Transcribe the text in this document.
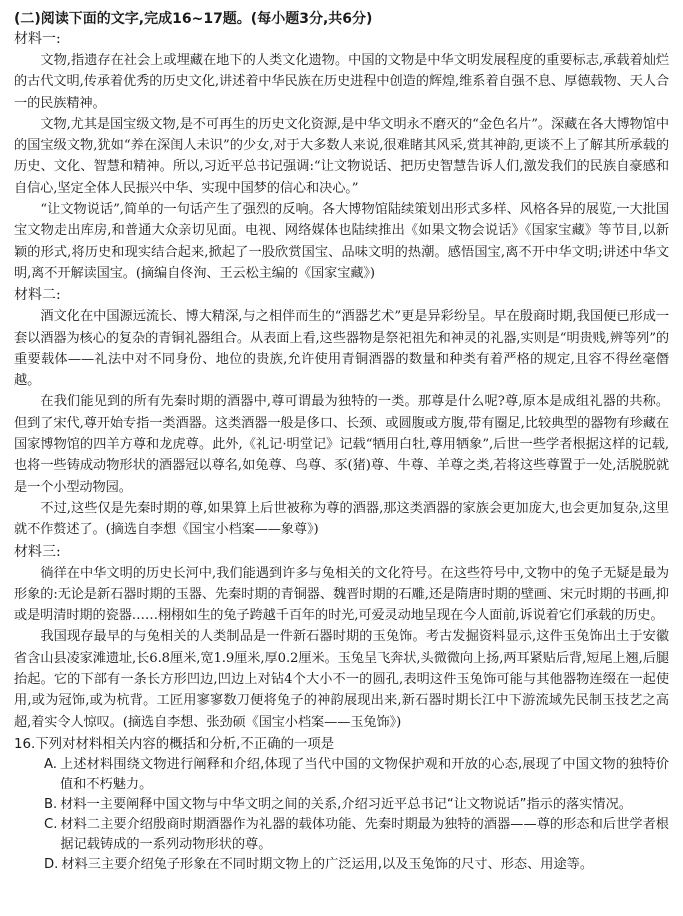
(二)阅读下面的文字,完成16~17题。(每小题3分,共6分)
材料一:

文物,指遗存在社会上或埋藏在地下的人类文化遗物。中国的文物是中华文明发展程度的重要标志,承载着灿烂的古代文明,传承着优秀的历史文化,讲述着中华民族在历史进程中创造的辉煌,维系着自强不息、厚德载物、天人合一的民族精神。

文物,尤其是国宝级文物,是不可再生的历史文化资源,是中华文明永不磨灭的“金色名片”。深藏在各大博物馆中的国宝级文物,犹如“养在深闺人未识”的少女,对于大多数人来说,很难睹其风采,赏其神韵,更谈不上了解其所承载的历史、文化、智慧和精神。所以,习近平总书记强调:“让文物说话、把历史智慧告诉人们,激发我们的民族自豪感和自信心,坚定全体人民振兴中华、实现中国梦的信心和决心。”

“让文物说话”,简单的一句话产生了强烈的反响。各大博物馆陆续策划出形式多样、风格各异的展览,一大批国宝文物走出库房,和普通大众亲切见面。电视、网络媒体也陆续推出《如果文物会说话》《国家宝藏》等节目,以新颖的形式,将历史和现实结合起来,掀起了一股欣赏国宝、品味文明的热潮。感悟国宝,离不开中华文明;讲述中华文明,离不开解读国宝。(摘编自佟洵、王云松主编的《国家宝藏》)

材料二:

酒文化在中国源远流长、博大精深,与之相伴而生的“酒器艺术”更是异彩纷呈。早在殷商时期,我国便已形成一套以酒器为核心的复杂的青铜礼器组合。从表面上看,这些器物是祭祀祖先和神灵的礼器,实则是“明贵贱,辨等列”的重要载体——礼法中对不同身份、地位的贵族,允许使用青铜酒器的数量和种类有着严格的规定,且容不得丝毫僭越。

在我们能见到的所有先秦时期的酒器中,尊可谓最为独特的一类。那尊是什么呢?尊,原本是成组礼器的共称。但到了宋代,尊开始专指一类酒器。这类酒器一般是侈口、长颈、或圆腹或方腹,带有圈足,比较典型的器物有珍藏在国家博物馆的四羊方尊和龙虎尊。此外,《礼记·明堂记》记载“牺用白牡,尊用牺象”,后世一些学者根据这样的记载,也将一些铸成动物形状的酒器冠以尊名,如兔尊、鸟尊、豕(猪)尊、牛尊、羊尊之类,若将这些尊置于一处,活脱脱就是一个小型动物园。

不过,这些仅是先秦时期的尊,如果算上后世被称为尊的酒器,那这类酒器的家族会更加庞大,也会更加复杂,这里就不作赘述了。(摘选自李想《国宝小档案——象尊》)

材料三:

徜徉在中华文明的历史长河中,我们能遇到许多与兔相关的文化符号。在这些符号中,文物中的兔子无疑是最为形象的:无论是新石器时期的玉器、先秦时期的青铜器、魏晋时期的石雕,还是隋唐时期的壁画、宋元时期的书画,抑或是明清时期的瓷器……栩栩如生的兔子跨越千百年的时光,可爱灵动地呈现在今人面前,诉说着它们承载的历史。

我国现存最早的与兔相关的人类制品是一件新石器时期的玉兔饰。考古发掘资料显示,这件玉兔饰出土于安徽省含山县凌家滩遗址,长6.8厘米,宽1.9厘米,厚0.2厘米。玉兔呈飞奔状,头微微向上扬,两耳紧贴后背,短尾上翘,后腿抬起。它的下部有一条长方形凹边,凹边上对钻4个大小不一的圆孔,表明这件玉兔饰可能与其他器物连缀在一起使用,或为冠饰,或为杭背。工匠用寥寥数刀便将兔子的神韵展现出来,新石器时期长江中下游流域先民制玉技艺之高超,着实令人惊叹。(摘选自李想、张劲硕《国宝小档案——玉兔饰》)

16.下列对材料相关内容的概括和分析,不正确的一项是
A. 上述材料围绕文物进行阐释和介绍,体现了当代中国的文物保护观和开放的心态,展现了中国文物的独特价值和不朽魅力。
B. 材料一主要阐释中国文物与中华文明之间的关系,介绍习近平总书记“让文物说话”指示的落实情况。
C. 材料二主要介绍殷商时期酒器作为礼器的载体功能、先秦时期最为独特的酒器——尊的形态和后世学者根据记载铸成的一系列动物形状的尊。
D. 材料三主要介绍兔子形象在不同时期文物上的广泛运用,以及玉兔饰的尺寸、形态、用途等。
